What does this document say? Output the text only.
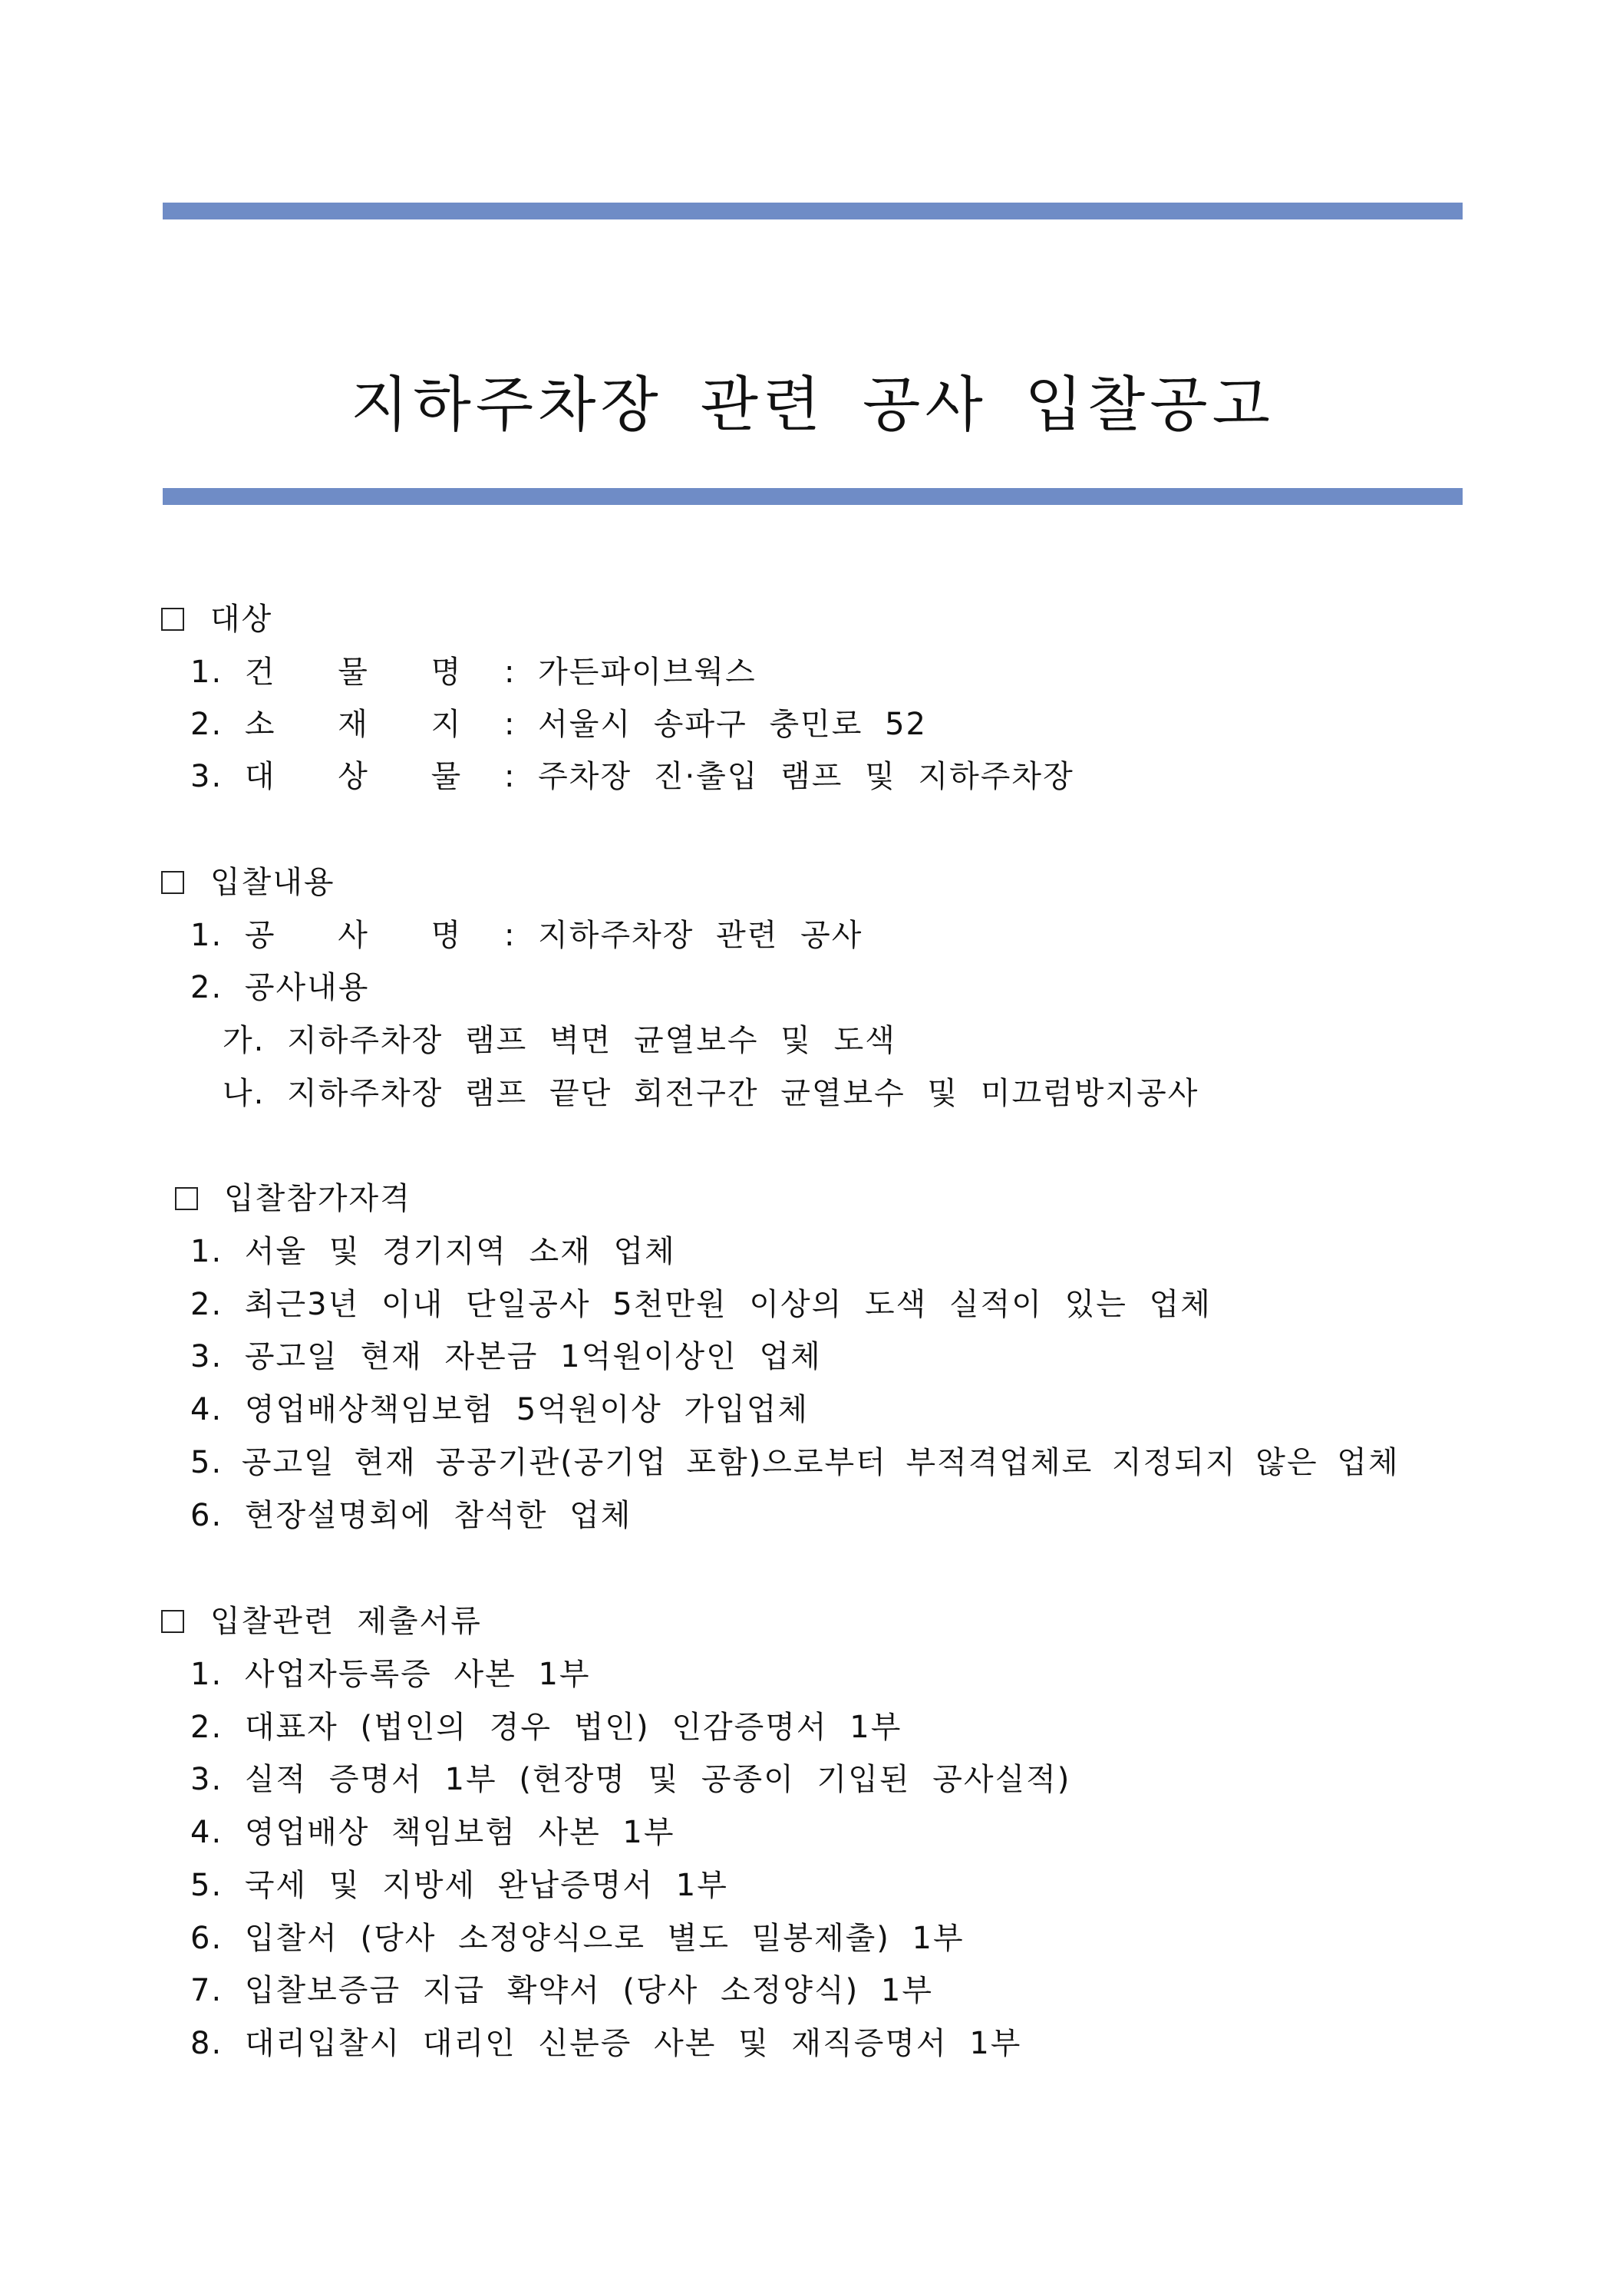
지하주차장 관련 공사 입찰공고
대상
1. 건 물 명 : 가든파이브웍스
2. 소 재 지 : 서울시 송파구 충민로 52
3. 대 상 물 : 주차장 진·출입 램프 및 지하주차장
입찰내용
1. 공 사 명 : 지하주차장 관련 공사
2. 공사내용
가. 지하주차장 램프 벽면 균열보수 및 도색
나. 지하주차장 램프 끝단 회전구간 균열보수 및 미끄럼방지공사
입찰참가자격
1. 서울 및 경기지역 소재 업체
2. 최근3년 이내 단일공사 5천만원 이상의 도색 실적이 있는 업체
3. 공고일 현재 자본금 1억원이상인 업체
4. 영업배상책임보험 5억원이상 가입업체
5. 공고일 현재 공공기관(공기업 포함)으로부터 부적격업체로 지정되지 않은 업체
6. 현장설명회에 참석한 업체
입찰관련 제출서류
1. 사업자등록증 사본 1부
2. 대표자 (법인의 경우 법인) 인감증명서 1부
3. 실적 증명서 1부 (현장명 및 공종이 기입된 공사실적)
4. 영업배상 책임보험 사본 1부
5. 국세 및 지방세 완납증명서 1부
6. 입찰서 (당사 소정양식으로 별도 밀봉제출) 1부
7. 입찰보증금 지급 확약서 (당사 소정양식) 1부
8. 대리입찰시 대리인 신분증 사본 및 재직증명서 1부
